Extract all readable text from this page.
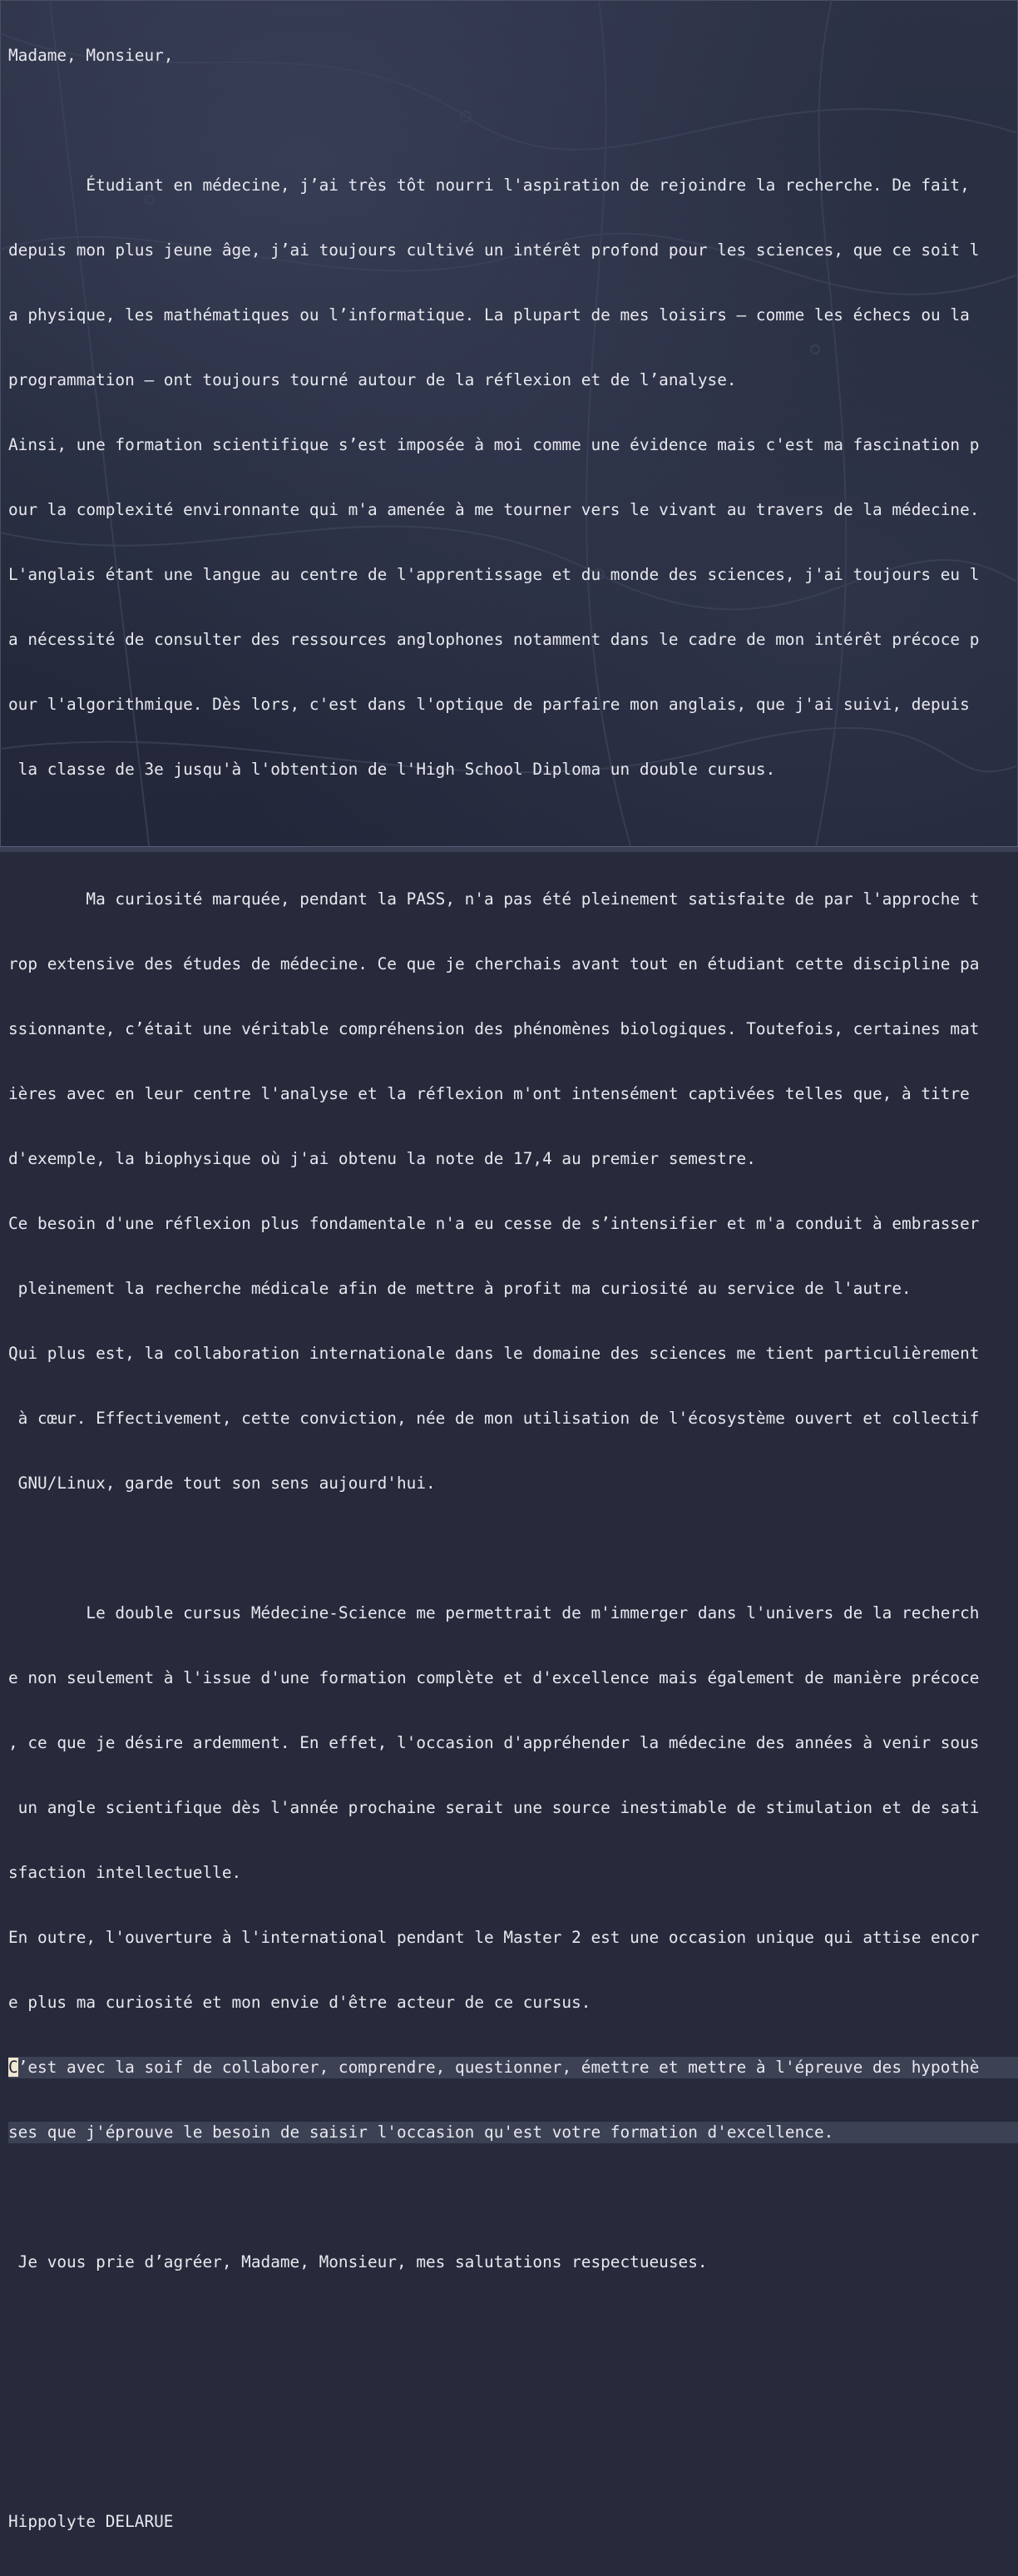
Madame, Monsieur,

Étudiant en médecine, j’ai très tôt nourri l'aspiration de rejoindre la recherche. De fait,

depuis mon plus jeune âge, j’ai toujours cultivé un intérêt profond pour les sciences, que ce soit l

a physique, les mathématiques ou l’informatique. La plupart de mes loisirs – comme les échecs ou la

programmation – ont toujours tourné autour de la réflexion et de l’analyse.

Ainsi, une formation scientifique s’est imposée à moi comme une évidence mais c'est ma fascination p

our la complexité environnante qui m'a amenée à me tourner vers le vivant au travers de la médecine.

L'anglais étant une langue au centre de l'apprentissage et du monde des sciences, j'ai toujours eu l

a nécessité de consulter des ressources anglophones notamment dans le cadre de mon intérêt précoce p

our l'algorithmique. Dès lors, c'est dans l'optique de parfaire mon anglais, que j'ai suivi, depuis

la classe de 3e jusqu'à l'obtention de l'High School Diploma un double cursus.

Ma curiosité marquée, pendant la PASS, n'a pas été pleinement satisfaite de par l'approche t

rop extensive des études de médecine. Ce que je cherchais avant tout en étudiant cette discipline pa

ssionnante, c’était une véritable compréhension des phénomènes biologiques. Toutefois, certaines mat

ières avec en leur centre l'analyse et la réflexion m'ont intensément captivées telles que, à titre

d'exemple, la biophysique où j'ai obtenu la note de 17,4 au premier semestre.

Ce besoin d'une réflexion plus fondamentale n'a eu cesse de s’intensifier et m'a conduit à embrasser

pleinement la recherche médicale afin de mettre à profit ma curiosité au service de l'autre.

Qui plus est, la collaboration internationale dans le domaine des sciences me tient particulièrement

à cœur. Effectivement, cette conviction, née de mon utilisation de l'écosystème ouvert et collectif

GNU/Linux, garde tout son sens aujourd'hui.

Le double cursus Médecine-Science me permettrait de m'immerger dans l'univers de la recherch

e non seulement à l'issue d'une formation complète et d'excellence mais également de manière précoce

, ce que je désire ardemment. En effet, l'occasion d'appréhender la médecine des années à venir sous

un angle scientifique dès l'année prochaine serait une source inestimable de stimulation et de sati

sfaction intellectuelle.

En outre, l'ouverture à l'international pendant le Master 2 est une occasion unique qui attise encor

e plus ma curiosité et mon envie d'être acteur de ce cursus.

C’est avec la soif de collaborer, comprendre, questionner, émettre et mettre à l'épreuve des hypothè

ses que j'éprouve le besoin de saisir l'occasion qu'est votre formation d'excellence.

Je vous prie d’agréer, Madame, Monsieur, mes salutations respectueuses.

Hippolyte DELARUE
